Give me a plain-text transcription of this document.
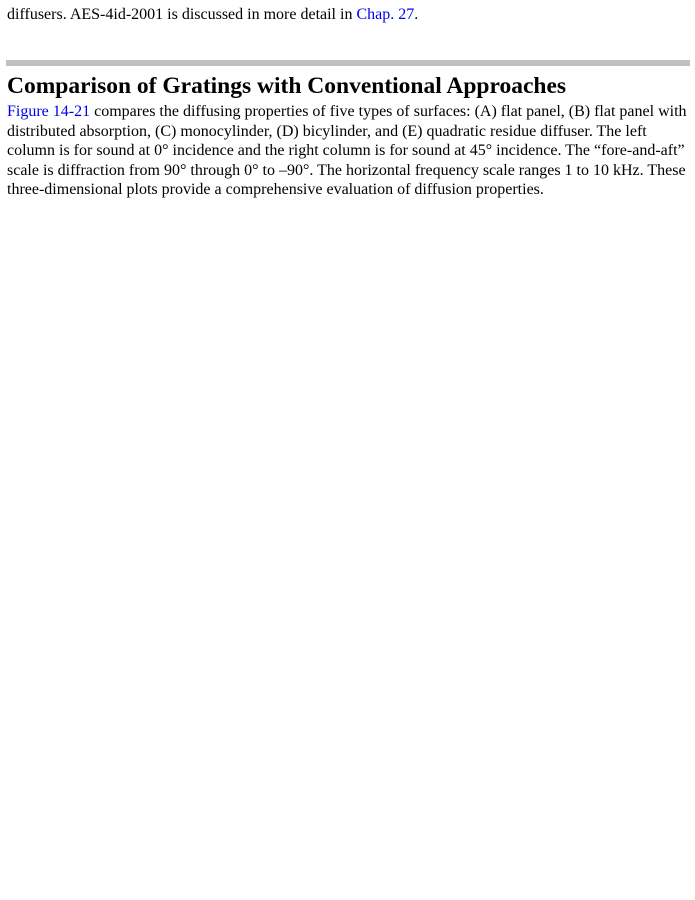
diffusers. AES-4id-2001 is discussed in more detail in Chap. 27.

Comparison of Gratings with Conventional Approaches

Figure 14-21 compares the diffusing properties of five types of surfaces: (A) flat panel, (B) flat panel with distributed absorption, (C) monocylinder, (D) bicylinder, and (E) quadratic residue diffuser. The left column is for sound at 0° incidence and the right column is for sound at 45° incidence. The “fore-and-aft” scale is diffraction from 90° through 0° to –90°. The horizontal frequency scale ranges 1 to 10 kHz. These three-dimensional plots provide a comprehensive evaluation of diffusion properties.
